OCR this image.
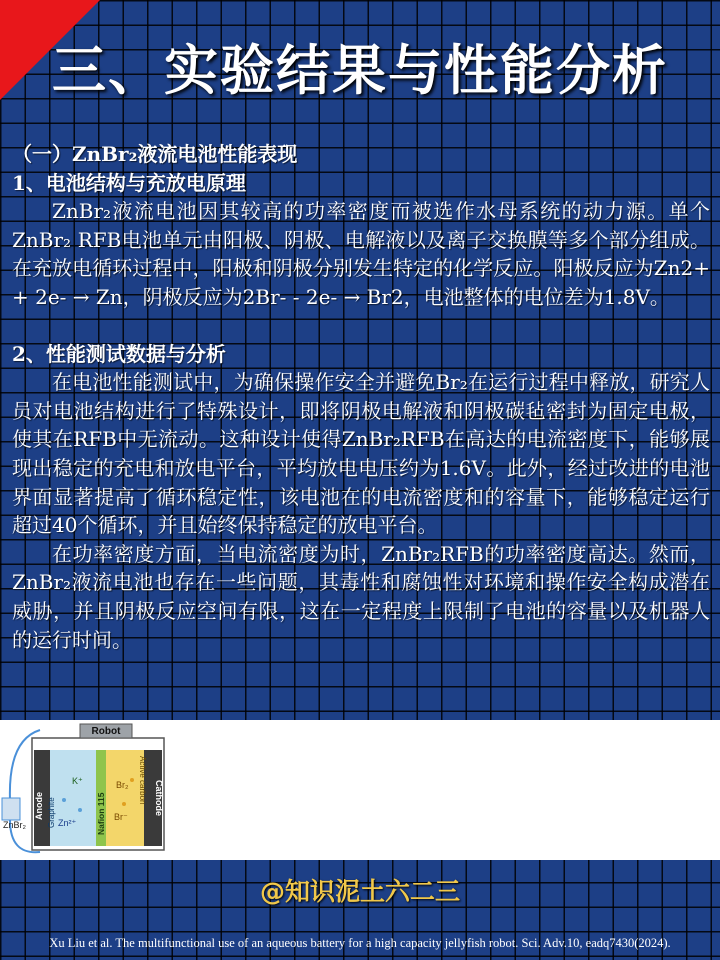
三、实验结果与性能分析

（一）ZnBr₂液流电池性能表现

1、电池结构与充放电原理

ZnBr₂液流电池因其较高的功率密度而被选作水母系统的动力源。单个ZnBr₂ RFB电池单元由阳极、阴极、电解液以及离子交换膜等多个部分组成。在充放电循环过程中，阳极和阴极分别发生特定的化学反应。阳极反应为Zn2+ + 2e- → Zn，阴极反应为2Br- - 2e- → Br2，电池整体的电位差为1.8V。

2、性能测试数据与分析

在电池性能测试中，为确保操作安全并避免Br₂在运行过程中释放，研究人员对电池结构进行了特殊设计，即将阴极电解液和阴极碳毡密封为固定电极，使其在RFB中无流动。这种设计使得ZnBr₂RFB在高达的电流密度下，能够展现出稳定的充电和放电平台，平均放电电压约为1.6V。此外，经过改进的电池界面显著提高了循环稳定性，该电池在的电流密度和的容量下，能够稳定运行超过40个循环，并且始终保持稳定的放电平台。

在功率密度方面，当电流密度为时，ZnBr₂RFB的功率密度高达。然而，ZnBr₂液流电池也存在一些问题，其毒性和腐蚀性对环境和操作安全构成潜在威胁，并且阴极反应空间有限，这在一定程度上限制了电池的容量以及机器人的运行时间。

ZnBr₂
Robot
Anode Graphite	Nafion 115	Cathode
Active carbon
K⁺
Zn²⁺
Br₂
Br⁻
@知识泥土六二三
Xu Liu et al. The multifunctional use of an aqueous battery for a high capacity jellyfish robot. Sci. Adv.10, eadq7430(2024).
